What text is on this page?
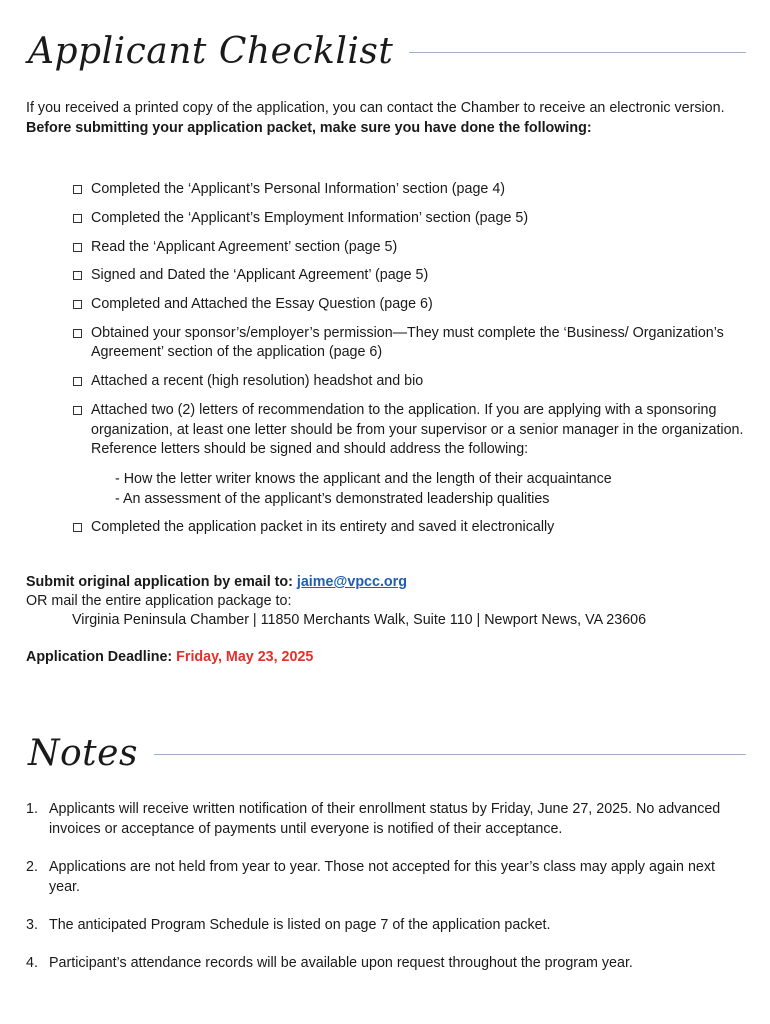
Applicant Checklist
If you received a printed copy of the application, you can contact the Chamber to receive an electronic version. Before submitting your application packet, make sure you have done the following:
Completed the ‘Applicant’s Personal Information’ section (page 4)
Completed the ‘Applicant’s Employment Information’ section (page 5)
Read the ‘Applicant Agreement’ section (page 5)
Signed and Dated the ‘Applicant Agreement’ (page 5)
Completed and Attached the Essay Question (page 6)
Obtained your sponsor’s/employer’s permission—They must complete the ‘Business/ Organization’s Agreement’ section of the application (page 6)
Attached a recent (high resolution) headshot and bio
Attached two (2) letters of recommendation to the application. If you are applying with a sponsoring organization, at least one letter should be from your supervisor or a senior manager in the organization. Reference letters should be signed and should address the following:
- How the letter writer knows the applicant and the length of their acquaintance
- An assessment of the applicant’s demonstrated leadership qualities
Completed the application packet in its entirety and saved it electronically
Submit original application by email to: jaime@vpcc.org
OR mail the entire application package to:
Virginia Peninsula Chamber | 11850 Merchants Walk, Suite 110 | Newport News, VA 23606
Application Deadline: Friday, May 23, 2025
Notes
1. Applicants will receive written notification of their enrollment status by Friday, June 27, 2025. No advanced invoices or acceptance of payments until everyone is notified of their acceptance.
2. Applications are not held from year to year. Those not accepted for this year’s class may apply again next year.
3. The anticipated Program Schedule is listed on page 7 of the application packet.
4. Participant’s attendance records will be available upon request throughout the program year.
